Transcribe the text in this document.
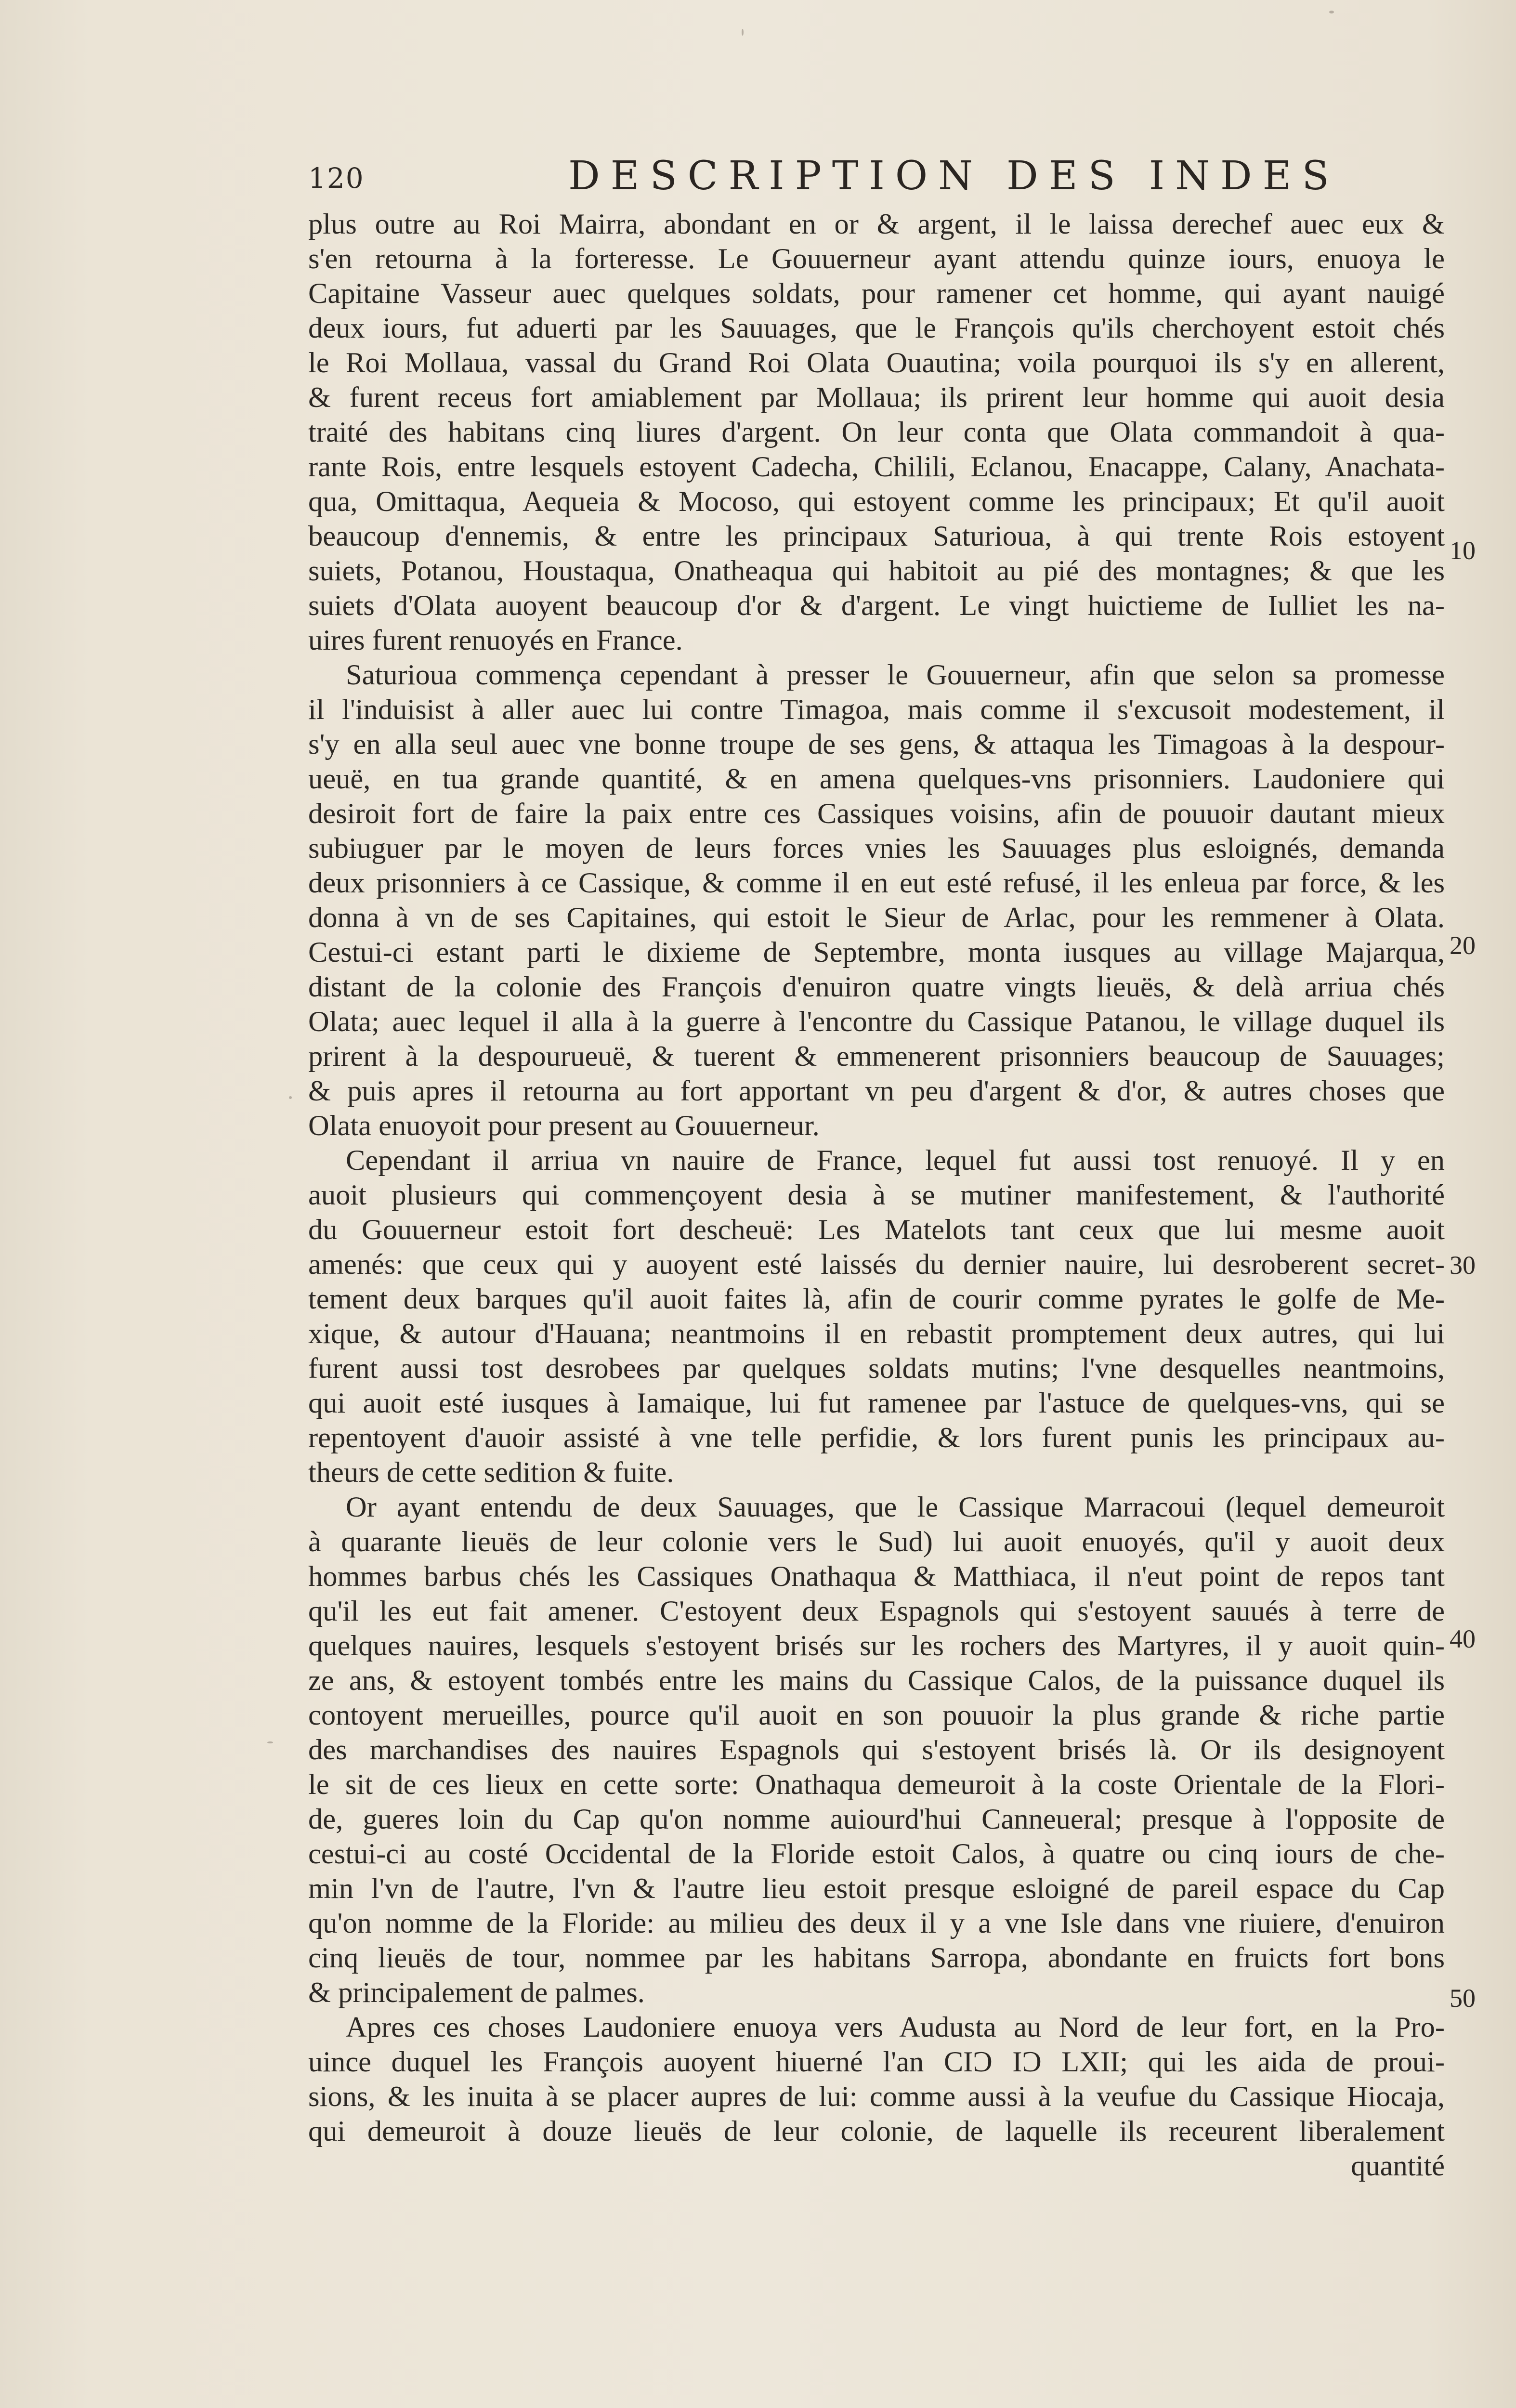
120	DESCRIPTION DES INDES
plus outre au Roi Mairra, abondant en or & argent, il le laissa derechef auec eux &
s'en retourna à la forteresse. Le Gouuerneur ayant attendu quinze iours, enuoya le
Capitaine Vasseur auec quelques soldats, pour ramener cet homme, qui ayant nauigé
deux iours, fut aduerti par les Sauuages, que le François qu'ils cherchoyent estoit chés
le Roi Mollaua, vassal du Grand Roi Olata Ouautina; voila pourquoi ils s'y en allerent,
& furent receus fort amiablement par Mollaua; ils prirent leur homme qui auoit desia
traité des habitans cinq liures d'argent. On leur conta que Olata commandoit à qua-
rante Rois, entre lesquels estoyent Cadecha, Chilili, Eclanou, Enacappe, Calany, Anachata-
qua, Omittaqua, Aequeia & Mocoso, qui estoyent comme les principaux; Et qu'il auoit
beaucoup d'ennemis, & entre les principaux Saturioua, à qui trente Rois estoyent
suiets, Potanou, Houstaqua, Onatheaqua qui habitoit au pié des montagnes; & que les
suiets d'Olata auoyent beaucoup d'or & d'argent. Le vingt huictieme de Iulliet les na-
uires furent renuoyés en France.
Saturioua commença cependant à presser le Gouuerneur, afin que selon sa promesse
il l'induisist à aller auec lui contre Timagoa, mais comme il s'excusoit modestement, il
s'y en alla seul auec vne bonne troupe de ses gens, & attaqua les Timagoas à la despour-
ueuë, en tua grande quantité, & en amena quelques-vns prisonniers. Laudoniere qui
desiroit fort de faire la paix entre ces Cassiques voisins, afin de pouuoir dautant mieux
subiuguer par le moyen de leurs forces vnies les Sauuages plus esloignés, demanda
deux prisonniers à ce Cassique, & comme il en eut esté refusé, il les enleua par force, & les
donna à vn de ses Capitaines, qui estoit le Sieur de Arlac, pour les remmener à Olata.
Cestui-ci estant parti le dixieme de Septembre, monta iusques au village Majarqua,
distant de la colonie des François d'enuiron quatre vingts lieuës, & delà arriua chés
Olata; auec lequel il alla à la guerre à l'encontre du Cassique Patanou, le village duquel ils
prirent à la despourueuë, & tuerent & emmenerent prisonniers beaucoup de Sauuages;
& puis apres il retourna au fort apportant vn peu d'argent & d'or, & autres choses que
Olata enuoyoit pour present au Gouuerneur.
Cependant il arriua vn nauire de France, lequel fut aussi tost renuoyé. Il y en
auoit plusieurs qui commençoyent desia à se mutiner manifestement, & l'authorité
du Gouuerneur estoit fort descheuë: Les Matelots tant ceux que lui mesme auoit
amenés: que ceux qui y auoyent esté laissés du dernier nauire, lui desroberent secret-
tement deux barques qu'il auoit faites là, afin de courir comme pyrates le golfe de Me-
xique, & autour d'Hauana; neantmoins il en rebastit promptement deux autres, qui lui
furent aussi tost desrobees par quelques soldats mutins; l'vne desquelles neantmoins,
qui auoit esté iusques à Iamaique, lui fut ramenee par l'astuce de quelques-vns, qui se
repentoyent d'auoir assisté à vne telle perfidie, & lors furent punis les principaux au-
theurs de cette sedition & fuite.
Or ayant entendu de deux Sauuages, que le Cassique Marracoui (lequel demeuroit
à quarante lieuës de leur colonie vers le Sud) lui auoit enuoyés, qu'il y auoit deux
hommes barbus chés les Cassiques Onathaqua & Matthiaca, il n'eut point de repos tant
qu'il les eut fait amener. C'estoyent deux Espagnols qui s'estoyent sauués à terre de
quelques nauires, lesquels s'estoyent brisés sur les rochers des Martyres, il y auoit quin-
ze ans, & estoyent tombés entre les mains du Cassique Calos, de la puissance duquel ils
contoyent merueilles, pource qu'il auoit en son pouuoir la plus grande & riche partie
des marchandises des nauires Espagnols qui s'estoyent brisés là. Or ils designoyent
le sit de ces lieux en cette sorte: Onathaqua demeuroit à la coste Orientale de la Flori-
de, gueres loin du Cap qu'on nomme auiourd'hui Canneueral; presque à l'opposite de
cestui-ci au costé Occidental de la Floride estoit Calos, à quatre ou cinq iours de che-
min l'vn de l'autre, l'vn & l'autre lieu estoit presque esloigné de pareil espace du Cap
qu'on nomme de la Floride: au milieu des deux il y a vne Isle dans vne riuiere, d'enuiron
cinq lieuës de tour, nommee par les habitans Sarropa, abondante en fruicts fort bons
& principalement de palmes.
Apres ces choses Laudoniere enuoya vers Audusta au Nord de leur fort, en la Pro-
uince duquel les François auoyent hiuerné l'an CIƆ IƆ LXII; qui les aida de proui-
sions, & les inuita à se placer aupres de lui: comme aussi à la veufue du Cassique Hiocaja,
qui demeuroit à douze lieuës de leur colonie, de laquelle ils receurent liberalement
quantité
10
20
30
40
50
